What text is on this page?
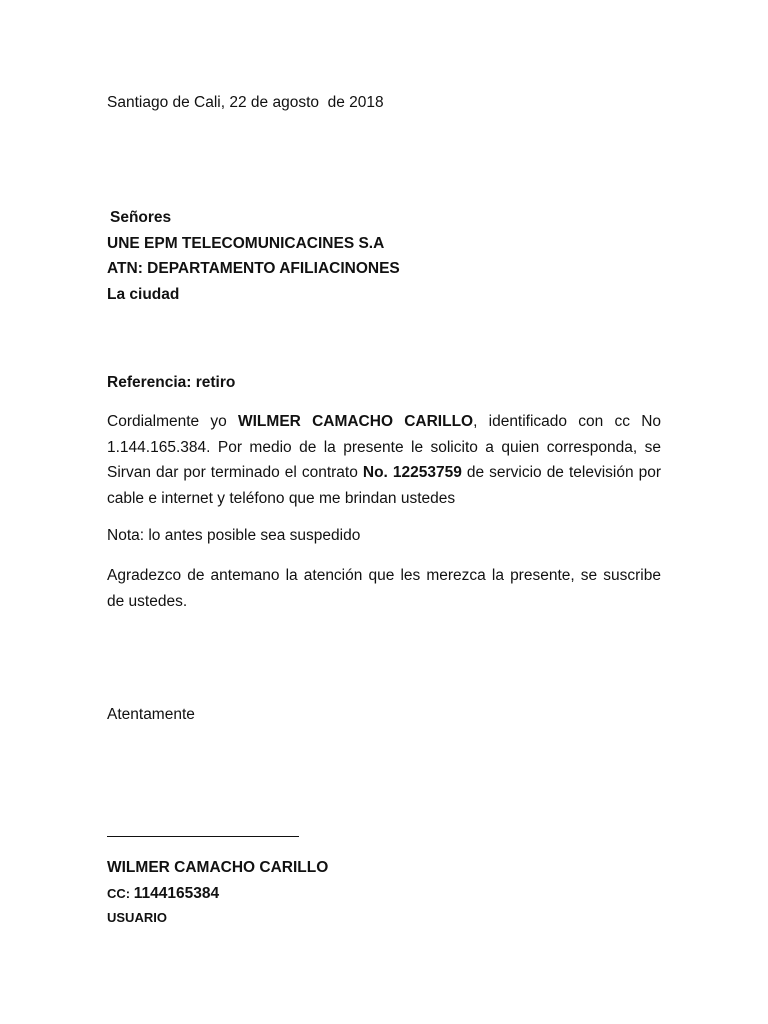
Santiago de Cali, 22 de agosto  de 2018
Señores
UNE EPM TELECOMUNICACINES S.A
ATN: DEPARTAMENTO AFILIACINONES
La ciudad
Referencia: retiro
Cordialmente yo WILMER CAMACHO CARILLO, identificado con cc No 1.144.165.384. Por medio de la presente le solicito a quien corresponda, se Sirvan dar por terminado el contrato No. 12253759 de servicio de televisión por cable e internet y teléfono que me brindan ustedes
Nota: lo antes posible sea suspedido
Agradezco de antemano la atención que les merezca la presente, se suscribe de ustedes.
Atentamente
WILMER CAMACHO CARILLO
CC: 1144165384
USUARIO
